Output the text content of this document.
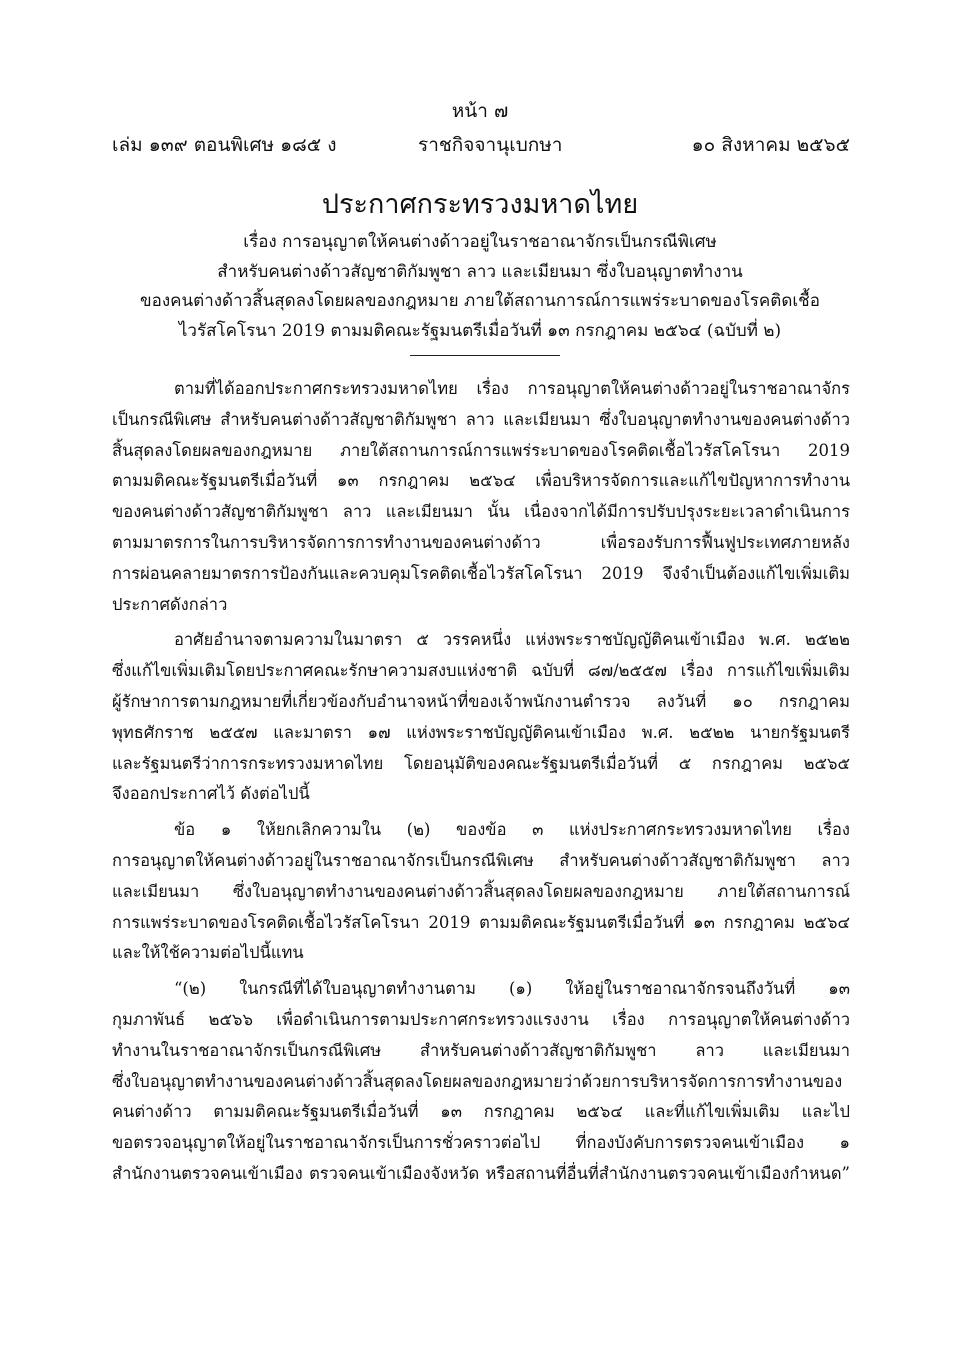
หน้า ๗
เล่ม ๑๓๙ ตอนพิเศษ ๑๘๕ ง	ราชกิจจานุเบกษา	๑๐ สิงหาคม ๒๕๖๕
ประกาศกระทรวงมหาดไทย
เรื่อง การอนุญาตให้คนต่างด้าวอยู่ในราชอาณาจักรเป็นกรณีพิเศษ
สำหรับคนต่างด้าวสัญชาติกัมพูชา ลาว และเมียนมา ซึ่งใบอนุญาตทำงาน
ของคนต่างด้าวสิ้นสุดลงโดยผลของกฎหมาย ภายใต้สถานการณ์การแพร่ระบาดของโรคติดเชื้อ
ไวรัสโคโรนา 2019 ตามมติคณะรัฐมนตรีเมื่อวันที่ ๑๓ กรกฎาคม ๒๕๖๔ (ฉบับที่ ๒)
ตามที่ได้ออกประกาศกระทรวงมหาดไทย เรื่อง การอนุญาตให้คนต่างด้าวอยู่ในราชอาณาจักร
เป็นกรณีพิเศษ สำหรับคนต่างด้าวสัญชาติกัมพูชา ลาว และเมียนมา ซึ่งใบอนุญาตทำงานของคนต่างด้าว
สิ้นสุดลงโดยผลของกฎหมาย ภายใต้สถานการณ์การแพร่ระบาดของโรคติดเชื้อไวรัสโคโรนา 2019
ตามมติคณะรัฐมนตรีเมื่อวันที่ ๑๓ กรกฎาคม ๒๕๖๔ เพื่อบริหารจัดการและแก้ไขปัญหาการทำงาน
ของคนต่างด้าวสัญชาติกัมพูชา ลาว และเมียนมา นั้น เนื่องจากได้มีการปรับปรุงระยะเวลาดำเนินการ
ตามมาตรการในการบริหารจัดการการทำงานของคนต่างด้าว เพื่อรองรับการฟื้นฟูประเทศภายหลัง
การผ่อนคลายมาตรการป้องกันและควบคุมโรคติดเชื้อไวรัสโคโรนา 2019 จึงจำเป็นต้องแก้ไขเพิ่มเติม
ประกาศดังกล่าว
อาศัยอำนาจตามความในมาตรา ๕ วรรคหนึ่ง แห่งพระราชบัญญัติคนเข้าเมือง พ.ศ. ๒๕๒๒
ซึ่งแก้ไขเพิ่มเติมโดยประกาศคณะรักษาความสงบแห่งชาติ ฉบับที่ ๘๗/๒๕๕๗ เรื่อง การแก้ไขเพิ่มเติม
ผู้รักษาการตามกฎหมายที่เกี่ยวข้องกับอำนาจหน้าที่ของเจ้าพนักงานตำรวจ ลงวันที่ ๑๐ กรกฎาคม
พุทธศักราช ๒๕๕๗ และมาตรา ๑๗ แห่งพระราชบัญญัติคนเข้าเมือง พ.ศ. ๒๕๒๒ นายกรัฐมนตรี
และรัฐมนตรีว่าการกระทรวงมหาดไทย โดยอนุมัติของคณะรัฐมนตรีเมื่อวันที่ ๕ กรกฎาคม ๒๕๖๕
จึงออกประกาศไว้ ดังต่อไปนี้
ข้อ ๑ ให้ยกเลิกความใน (๒) ของข้อ ๓ แห่งประกาศกระทรวงมหาดไทย เรื่อง
การอนุญาตให้คนต่างด้าวอยู่ในราชอาณาจักรเป็นกรณีพิเศษ สำหรับคนต่างด้าวสัญชาติกัมพูชา ลาว
และเมียนมา ซึ่งใบอนุญาตทำงานของคนต่างด้าวสิ้นสุดลงโดยผลของกฎหมาย ภายใต้สถานการณ์
การแพร่ระบาดของโรคติดเชื้อไวรัสโคโรนา 2019 ตามมติคณะรัฐมนตรีเมื่อวันที่ ๑๓ กรกฎาคม ๒๕๖๔
และให้ใช้ความต่อไปนี้แทน
“(๒) ในกรณีที่ได้ใบอนุญาตทำงานตาม (๑) ให้อยู่ในราชอาณาจักรจนถึงวันที่ ๑๓
กุมภาพันธ์ ๒๕๖๖ เพื่อดำเนินการตามประกาศกระทรวงแรงงาน เรื่อง การอนุญาตให้คนต่างด้าว
ทำงานในราชอาณาจักรเป็นกรณีพิเศษ สำหรับคนต่างด้าวสัญชาติกัมพูชา ลาว และเมียนมา
ซึ่งใบอนุญาตทำงานของคนต่างด้าวสิ้นสุดลงโดยผลของกฎหมายว่าด้วยการบริหารจัดการการทำงานของ
คนต่างด้าว ตามมติคณะรัฐมนตรีเมื่อวันที่ ๑๓ กรกฎาคม ๒๕๖๔ และที่แก้ไขเพิ่มเติม และไป
ขอตรวจอนุญาตให้อยู่ในราชอาณาจักรเป็นการชั่วคราวต่อไป ที่กองบังคับการตรวจคนเข้าเมือง ๑
สำนักงานตรวจคนเข้าเมือง ตรวจคนเข้าเมืองจังหวัด หรือสถานที่อื่นที่สำนักงานตรวจคนเข้าเมืองกำหนด”
